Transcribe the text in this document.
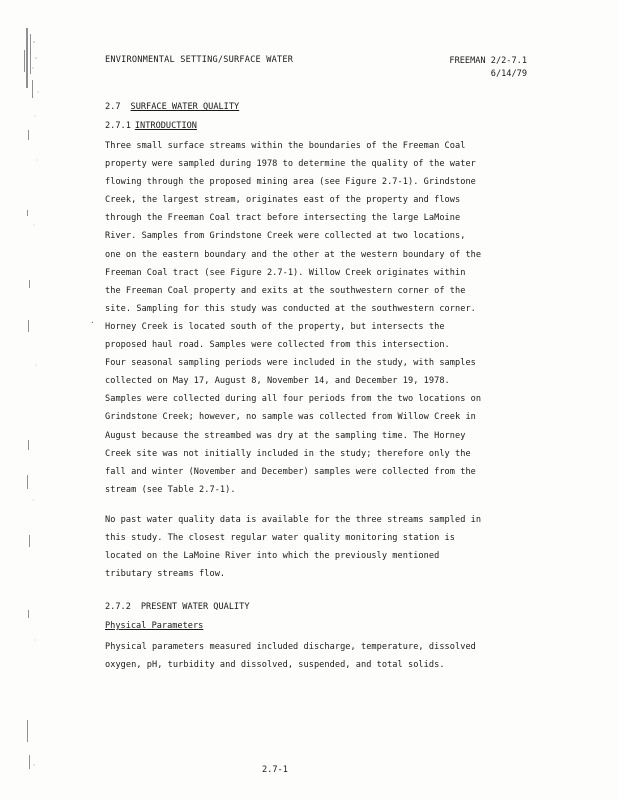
ENVIRONMENTAL SETTING/SURFACE WATER	FREEMAN 2/2-7.1
6/14/79
2.7 SURFACE WATER QUALITY
2.7.1 INTRODUCTION
·
Three small surface streams within the boundaries of the Freeman Coal
property were sampled during 1978 to determine the quality of the water
flowing through the proposed mining area (see Figure 2.7-1). Grindstone
Creek, the largest stream, originates east of the property and flows
through the Freeman Coal tract before intersecting the large LaMoine
River. Samples from Grindstone Creek were collected at two locations,
one on the eastern boundary and the other at the western boundary of the
Freeman Coal tract (see Figure 2.7-1). Willow Creek originates within
the Freeman Coal property and exits at the southwestern corner of the
site. Sampling for this study was conducted at the southwestern corner.
Horney Creek is located south of the property, but intersects the
proposed haul road. Samples were collected from this intersection.
Four seasonal sampling periods were included in the study, with samples
collected on May 17, August 8, November 14, and December 19, 1978.
Samples were collected during all four periods from the two locations on
Grindstone Creek; however, no sample was collected from Willow Creek in
August because the streambed was dry at the sampling time. The Horney
Creek site was not initially included in the study; therefore only the
fall and winter (November and December) samples were collected from the
stream (see Table 2.7-1).
No past water quality data is available for the three streams sampled in
this study. The closest regular water quality monitoring station is
located on the LaMoine River into which the previously mentioned
tributary streams flow.
2.7.2 PRESENT WATER QUALITY
Physical Parameters
Physical parameters measured included discharge, temperature, dissolved
oxygen, pH, turbidity and dissolved, suspended, and total solids.
2.7-1
